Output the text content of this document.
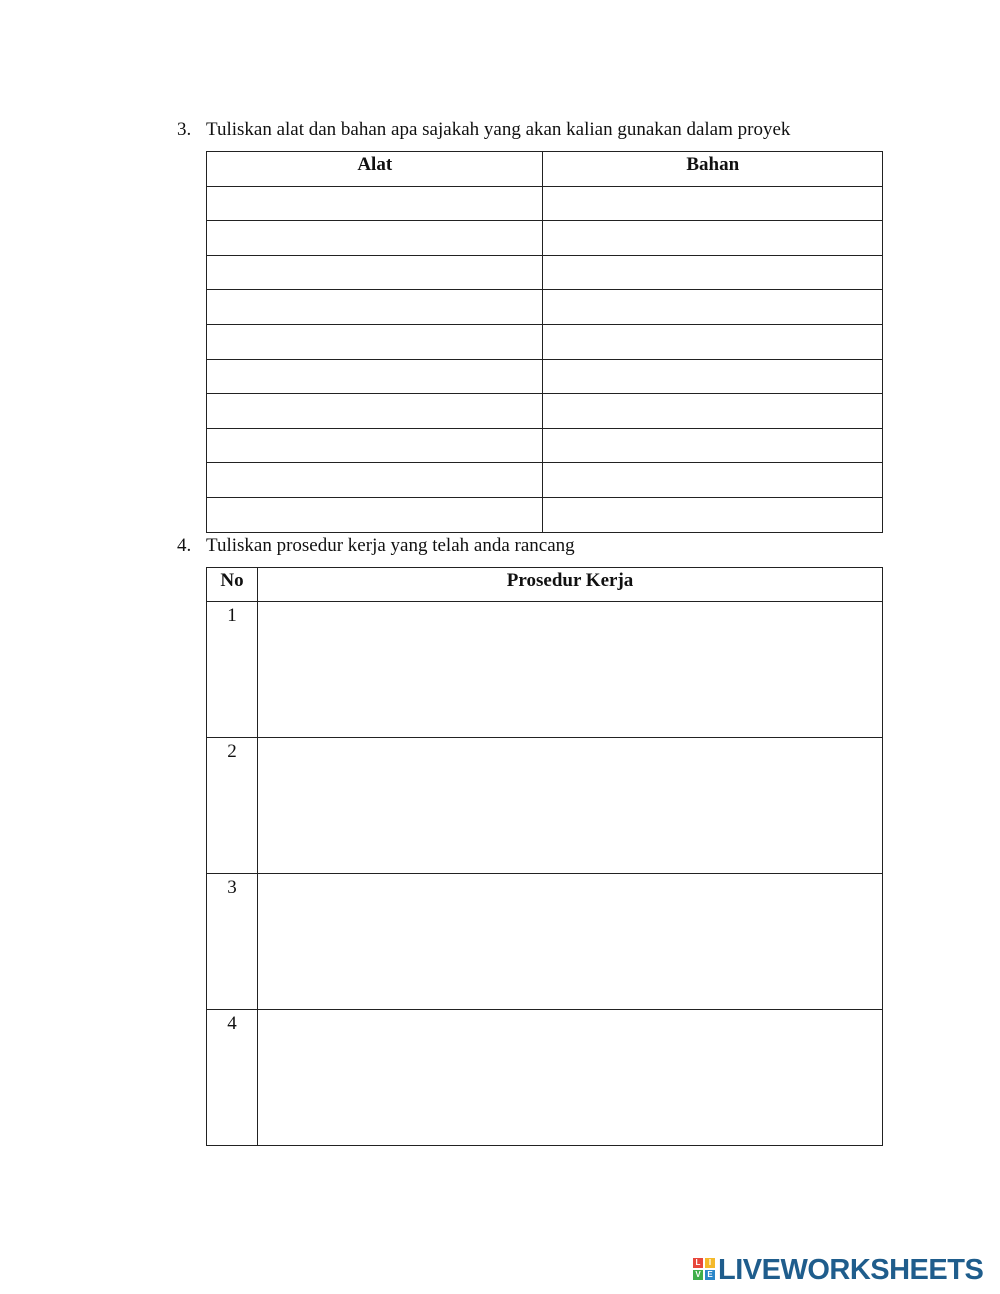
3. Tuliskan alat dan bahan apa sajakah yang akan kalian gunakan dalam proyek
Alat	Bahan

4. Tuliskan prosedur kerja yang telah anda rancang
No	Prosedur Kerja
1	
2	
3	
4	
L	I
V E LIVEWORKSHEETS
